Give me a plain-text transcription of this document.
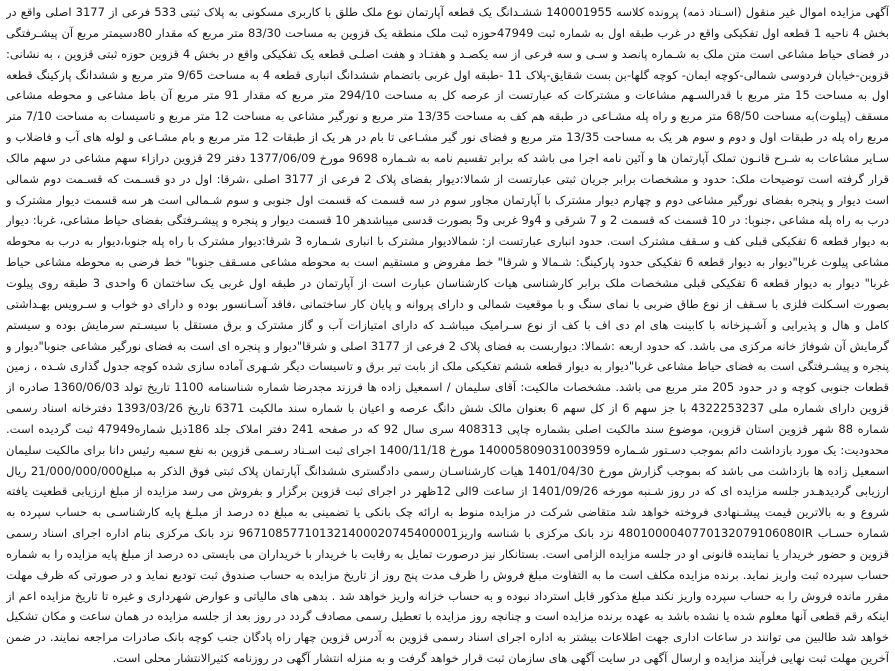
آگهی مزایده اموال غیر منقول (اسـناد ذمه) پرونده کلاسه 140001955 ششـدانگ یک قطعه آپارتمان نوع ملک طلق با کاربری مسکونی به پلاک ثبتی 533 فرعی از 3177 اصلی واقع در بخش 4 ناحیه 1 قطعه اول تفکیکی واقع در غرب طبقه اول به شماره ثبت 47949حوزه ثبت ملک منطقه یک قزوین به مساحت 83/30 متر مربع که مقدار 80دسیمتر مربع آن پیشـرفتگی در فضای حیاط مشاعی است متن ملک به شـماره پانصد و سـی و سه فرعی از سه یکصـد و هفتـاد و هفت اصلـی قطعه یک تفکیکی واقع در بخش 4 قزوین حوزه ثبتی قزوین ، به نشانی: قزوین-خیابان فردوسی شمالی-کوچه ایمان- کوچه گلها-بن بست شقایق-پلاک 11 -طبقه اول غربی باتضمام ششدانگ انباری قطعه 4 به مساحت 9/65 متر مربع و ششدانگ پارکینگ قطعه اول به مساحت 15 متر مربع با قدرالسـهم مشاعات و مشترکات که عبارتست از عرصه کل به مساحت 294/10 متر مربع که مقدار 91 متر مربع آن باط مشاعی و محوطه مشاعی مسقف (پیلوت)به مساحت 68/50 متر مربع و راه پله مشـاعی در طبقه هم کف به مساحت 13/35 متر مربع و نورگیر مشاعی به مساحت 12 متر مربع و تاسیسات به مساحت 7/10 متر مربع راه پله در طبقات اول و دوم و سوم هر یک به مساحت 13/35 متر مربع و فضای نور گیر مشـاعی تا بام در هر یک از طبقات 12 متر مربع و بام مشـاعی و لوله های آب و فاضلاب و سـایر مشاعات به شـرح قانـون تملک آپارتمان ها و آئین نامه اجرا می باشد که برابر تقسیم نامه به شـماره 9698 مورخ 1377/06/09 دفتر 29 قزوین درازاء سهم مشاعی در سهم مالک قرار گرفته است توضیحات ملک: حدود و مشخصات برابر جریان ثبتی عبارتست از شمالا:دیوار بفضای پلاک 2 فرعی از 3177 اصلی ،شرقا: اول در دو قسـمت که قسـمت دوم شمالی است دیوار و پنجره بفضای نورگیر مشاعی دوم و چهارم دیوار مشترک با آپارتمان مجاور سوم در سه قسمت که قسمت اول جنوبی و سوم شـمالی است هر سه قسمت دیوار مشترک و درب به راه پله مشاعی ،جنوبا: در 10 قسمت که قسمت 2 و 7 شرقی و 4و9 غربی و5 بصورت قدسی میباشدهر 10 قسمت دیوار و پنجره و پیشـرفتگی بفضای حیاط مشاعی، غربا: دیوار به دیوار قطعه 6 تفکیکی قبلی کف و سـقف مشترک است. حدود انباری عبارتست از: شمالادیوار مشترک با انباری شـماره 3 شرقا:دیوار مشترک با راه پله جنوبا،دیوار به درب به محوطه مشاعی پیلوت غربا"دیوار به دیوار قطعه 6 تفکیکی حدود پارکینگ: شـمالا و شرقا" خط مفروض و مستقیم است به محوطه مشاعی مسـقف جنوبا" خط فرضی به محوطه مشاعی حیاط غربا" دیوار به دیوار قطعه 6 تفکیکی قبلی مشخصات ملک برابر کارشناسی هیات کارشناسان عبارت است از آپارتمان در طبقه اول غربی یک ساختمان 6 واحدی 3 طبقه روی پیلوت بصورت اسـکلت فلزی با سـقف از نوع طاق ضربی با نمای سنگ و با موقعیت شمالی و دارای پروانه و پایان کار ساختمانی ،فاقد آسـانسور بوده و دارای دو خواب و سـرویس بهـداشتی کامل و هال و پذیرایی و آشـپزخانه با کابینت های ام دی اف با کف از نوع سـرامیک میباشـد که دارای امتیازات آب و گاز مشترک و برق مستقل با سیسـتم سرمایش بوده و سیستم گرمایش آن شوفاژ خانه مرکزی می باشد. که حدود اربعه :شمالا: دیواربست به فضای پلاک 2 فرعی از 3177 اصلی و شرقا"دیوار و پنجره ای است به فضای نورگیر مشاعی جنوبا"دیوار و پنجره و پیشـرفتگی است به فضای حیاط مشاعی غربا"دیوار به دیوار قطعه ششم تفکیکی ملک از بابت تیر برق و تاسیسات دیگر شـهری آماده سازی شده کوچه جدول گذاری شـده ، زمین قطعات جنوبی کوچه و در حدود 205 متر مربع می باشد. مشخصات مالکیت: آقای سلیمان / اسمعیل زاده ها فرزند مجدرضا شماره شناسنامه 1100 تاریخ تولد 1360/06/03 صادره از قزوین دارای شماره ملی 4322253237 با جز سهم 6 از کل سهم 6 بعنوان مالک شش دانگ عرصه و اعیان با شماره سند مالکیت 6371 تاریخ 1393/03/26 دفترخانه اسناد رسمی شماره 88 شهر قزوین استان قزوین، موضوع سند مالکیت اصلی بشماره چاپی 408313 سری سال 92 که در صفحه 241 دفتر املاک جلد 186ذیل شماره47949 ثبت گردیده است. محدودیت: یک مورد بازداشت دائم بموجب دسـتور شـماره 140005809031003959 مورخ 1400/11/18 اجرای ثبت اسـناد رسـمی قزوین به نفع سمیه رئیس دانا برای مالکیت سلیمان اسمعیل زاده ها بازداشت می باشد که بموجب گزارش مورخ 1401/04/30 هیات کارشناسـان رسمی دادگستری ششدانگ آپارتمان پلاک ثبتی فوق الذکر به مبلغ21/000/000/000 ریال ارزیابی گردیدهـدر جلسه مزایده ای که در روز شـنبه مورخه 1401/09/26 از ساعت 9الی 12ظهر در اجرای ثبت قزوین برگزار و بفروش می رسد مزایده از مبلغ ارزیابی قطعیت یافته شروع و به بالاترین قیمت پیشـنهادی فروخته خواهد شد متقاضی شرکت در مزایده منوط به ارائه چک بانکی یا تضمینی به مبلغ ده درصد از مبلـغ پایه کارشناسـی به حساب سپرده به شماره حسـاب 4801000040770132079106080IR نزد بانک مرکزی با شناسه واریز967108577101321400020745400001 نزد بانک مرکزی بنام اداره اجرای اسناد رسمی قزوین و حضور خریدار یا نماینده قانونی او در جلسه مزایده الزامی است. بستانکار نیز درصورت تمایل به رقابت با خریدار با خریداران می بایستی ده درصد از مبلغ پایه مزایده را به شماره حساب سپرده ثبت واریز نماید. برنده مزایده مکلف است ما به التفاوت مبلغ فروش را ظرف مدت پنج روز از تاریخ مزایده به حساب صندوق ثبت تودیع نماید و در صورتی که ظرف مهلت مقرر مانده فروش را به حساب سپرده واریز نکند مبلغ مذکور قابل استرداد نبوده و به حساب خزانه واریز خواهد شد . بدهی های مالیاتی و عوارض شهرداری و غیره تا تاریخ مزایده اعم از اینکه رقم قطعی آنها معلوم شده یا نشده باشد به عهده برنده مزایده است و چنانچه روز مزایده با تعطیل رسمی مصادف گردد در روز بعد از جلسه مزایده در همان ساعت و مکان تشکیل خواهد شد طالبین می توانند در ساعات اداری جهت اطلاعات بیشتر به اداره اجرای اسناد رسمی قزوین به آدرس قزوین چهار راه پادگان جنب کوچه بانک صادرات مراجعه نمایند. در ضمن آخرین مهلت ثبت نهایی فرآیند مزایده و ارسال آگهی در سایت آگهی های سازمان ثبت قرار خواهد گرفت و به منزله انتشار آگهی در روزنامه کثیرالانتشار محلی است.
